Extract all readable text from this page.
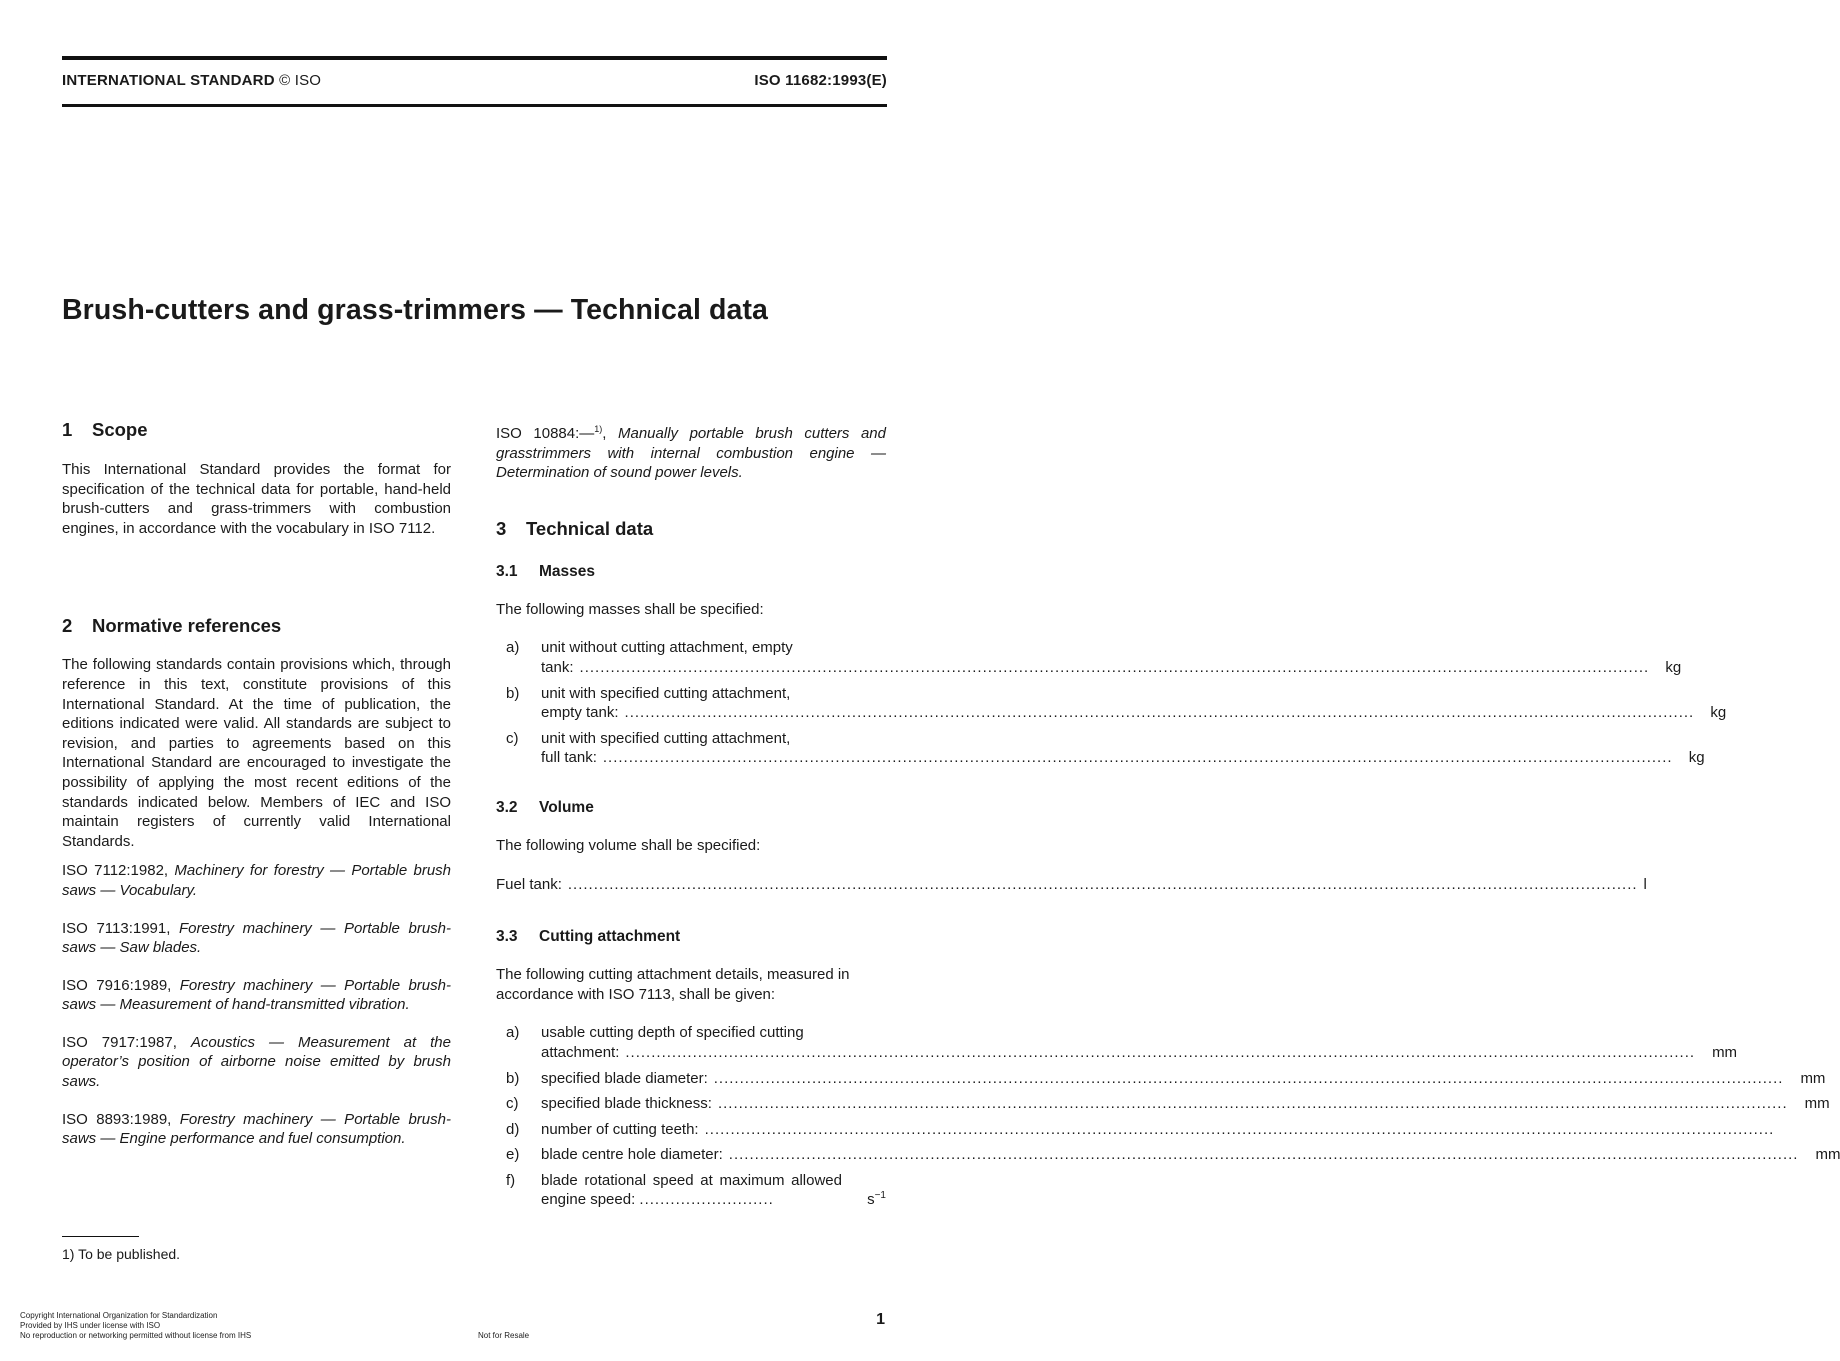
INTERNATIONAL STANDARD © ISO	ISO 11682:1993(E)
Brush-cutters and grass-trimmers — Technical data
1 Scope

This International Standard provides the format for specification of the technical data for portable, hand-held brush-cutters and grass-trimmers with combustion engines, in accordance with the vocabulary in ISO 7112.

2 Normative references

The following standards contain provisions which, through reference in this text, constitute provisions of this International Standard. At the time of publication, the editions indicated were valid. All standards are subject to revision, and parties to agreements based on this International Standard are encouraged to investigate the possibility of applying the most recent editions of the standards indicated below. Members of IEC and ISO maintain registers of currently valid International Standards.

ISO 7112:1982, Machinery for forestry — Portable brush saws — Vocabulary.

ISO 7113:1991, Forestry machinery — Portable brush-saws — Saw blades.

ISO 7916:1989, Forestry machinery — Portable brush-saws — Measurement of hand-transmitted vibration.

ISO 7917:1987, Acoustics — Measurement at the operator’s position of airborne noise emitted by brush saws.

ISO 8893:1989, Forestry machinery — Portable brush-saws — Engine performance and fuel consumption.

ISO 10884:—$^{1)}$, Manually portable brush cutters and grasstrimmers with internal combustion engine — Determination of sound power levels.

3 Technical data
3.1 Masses

The following masses shall be specified:

a)	unit without cutting attachment, empty
tank: .....	kg
b)	unit with specified cutting attachment,
empty tank: .....	kg
c)	unit with specified cutting attachment,
full tank: .....	kg
3.2 Volume

The following volume shall be specified:

Fuel tank: .....	l
3.3 Cutting attachment

The following cutting attachment details, measured in accordance with ISO 7113, shall be given:

a)	usable cutting depth of specified cutting
attachment: .....	mm
b)	specified blade diameter: .....	mm
c)	specified blade thickness: .....	mm
d)	number of cutting teeth:
.....
e)	blade centre hole diameter: .....	mm
f)	blade rotational speed at maximum allowed engine speed: ..........................	$s^{-1}$
1) To be published.
Copyright International Organization for Standardization
Provided by IHS under license with ISO
No reproduction or networking permitted without license from IHS	Not for Resale
1
